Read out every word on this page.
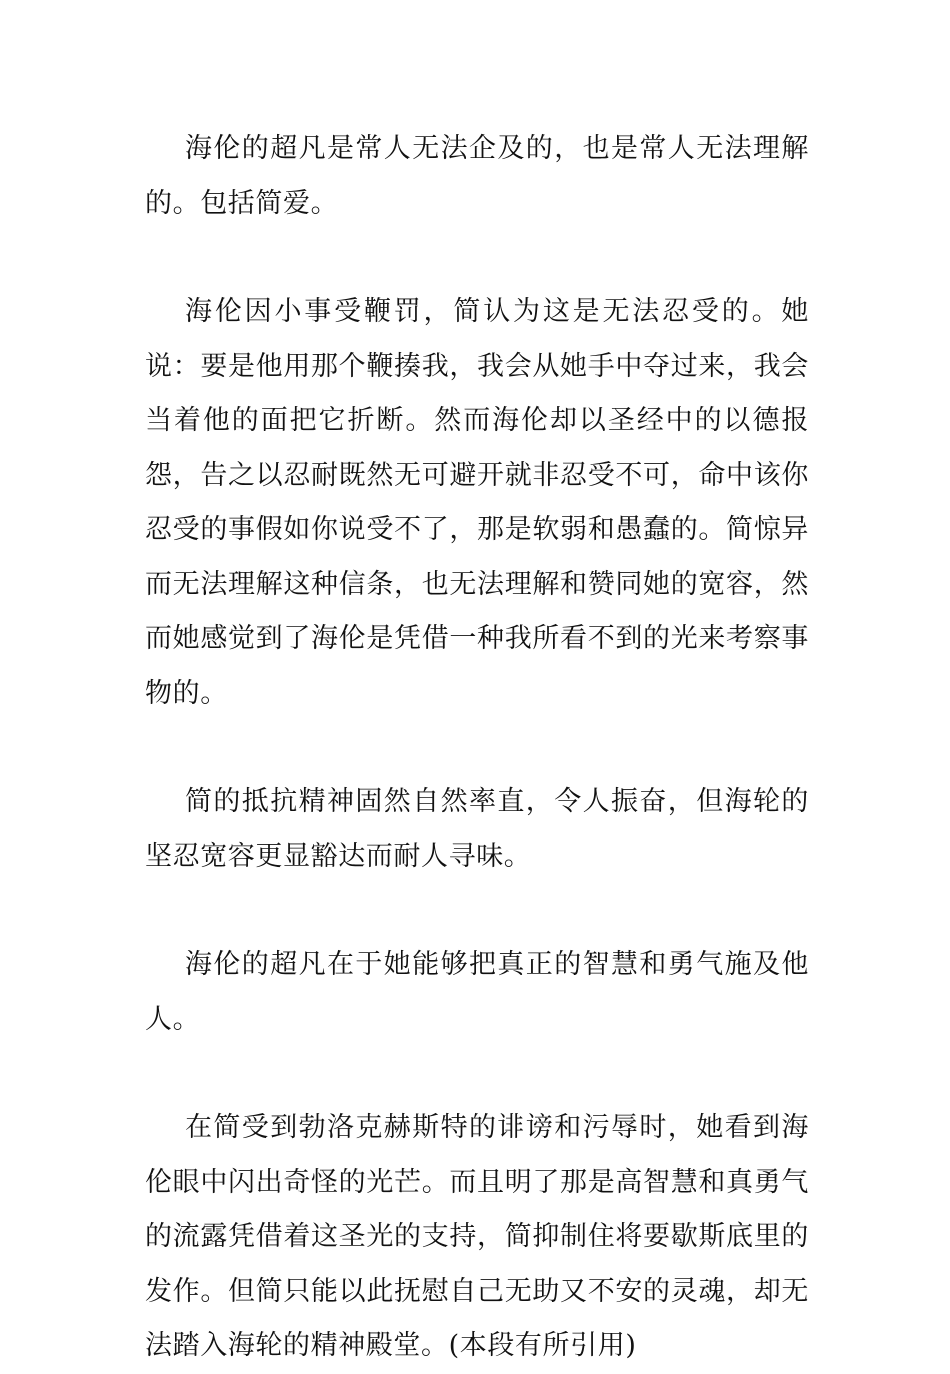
海伦的超凡是常人无法企及的，也是常人无法理解的。包括简爱。

海伦因小事受鞭罚，简认为这是无法忍受的。她说：要是他用那个鞭揍我，我会从她手中夺过来，我会当着他的面把它折断。然而海伦却以圣经中的以德报怨，告之以忍耐既然无可避开就非忍受不可，命中该你忍受的事假如你说受不了，那是软弱和愚蠢的。简惊异而无法理解这种信条，也无法理解和赞同她的宽容，然而她感觉到了海伦是凭借一种我所看不到的光来考察事物的。

简的抵抗精神固然自然率直，令人振奋，但海轮的坚忍宽容更显豁达而耐人寻味。

海伦的超凡在于她能够把真正的智慧和勇气施及他人。

在简受到勃洛克赫斯特的诽谤和污辱时，她看到海伦眼中闪出奇怪的光芒。而且明了那是高智慧和真勇气的流露凭借着这圣光的支持，简抑制住将要歇斯底里的发作。但简只能以此抚慰自己无助又不安的灵魂，却无法踏入海轮的精神殿堂。(本段有所引用)
